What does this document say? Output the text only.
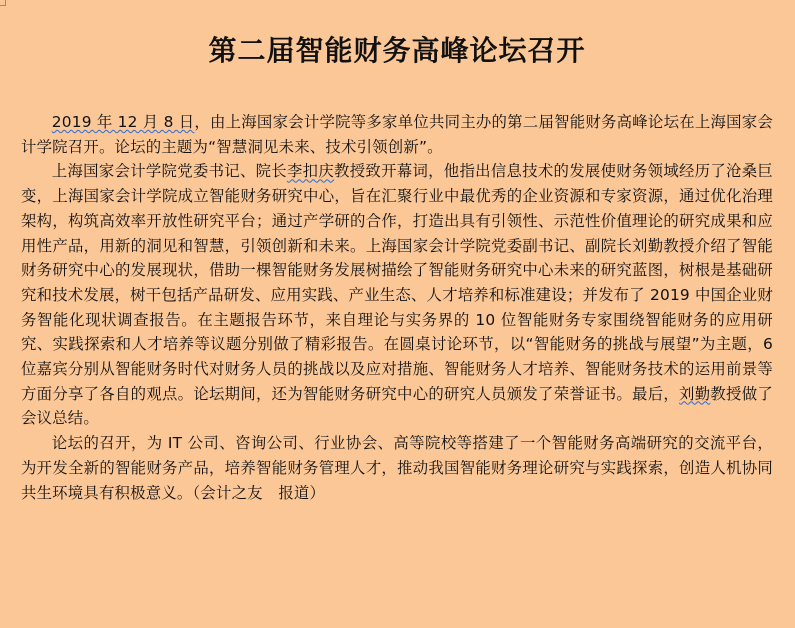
第二届智能财务高峰论坛召开

2019 年 12 月 8 日，由上海国家会计学院等多家单位共同主办的第二届智能财务高峰论坛在上海国家会计学院召开。论坛的主题为“智慧洞见未来、技术引领创新”。

上海国家会计学院党委书记、院长李扣庆教授致开幕词，他指出信息技术的发展使财务领域经历了沧桑巨变，上海国家会计学院成立智能财务研究中心，旨在汇聚行业中最优秀的企业资源和专家资源，通过优化治理架构，构筑高效率开放性研究平台；通过产学研的合作，打造出具有引领性、示范性价值理论的研究成果和应用性产品，用新的洞见和智慧，引领创新和未来。上海国家会计学院党委副书记、副院长刘勤教授介绍了智能财务研究中心的发展现状，借助一棵智能财务发展树描绘了智能财务研究中心未来的研究蓝图，树根是基础研究和技术发展，树干包括产品研发、应用实践、产业生态、人才培养和标准建设；并发布了 2019 中国企业财务智能化现状调查报告。在主题报告环节，来自理论与实务界的 10 位智能财务专家围绕智能财务的应用研究、实践探索和人才培养等议题分别做了精彩报告。在圆桌讨论环节，以“智能财务的挑战与展望”为主题，6 位嘉宾分别从智能财务时代对财务人员的挑战以及应对措施、智能财务人才培养、智能财务技术的运用前景等方面分享了各自的观点。论坛期间，还为智能财务研究中心的研究人员颁发了荣誉证书。最后，刘勤教授做了会议总结。

论坛的召开，为 IT 公司、咨询公司、行业协会、高等院校等搭建了一个智能财务高端研究的交流平台，为开发全新的智能财务产品，培养智能财务管理人才，推动我国智能财务理论研究与实践探索，创造人机协同共生环境具有积极意义。（会计之友　报道）
